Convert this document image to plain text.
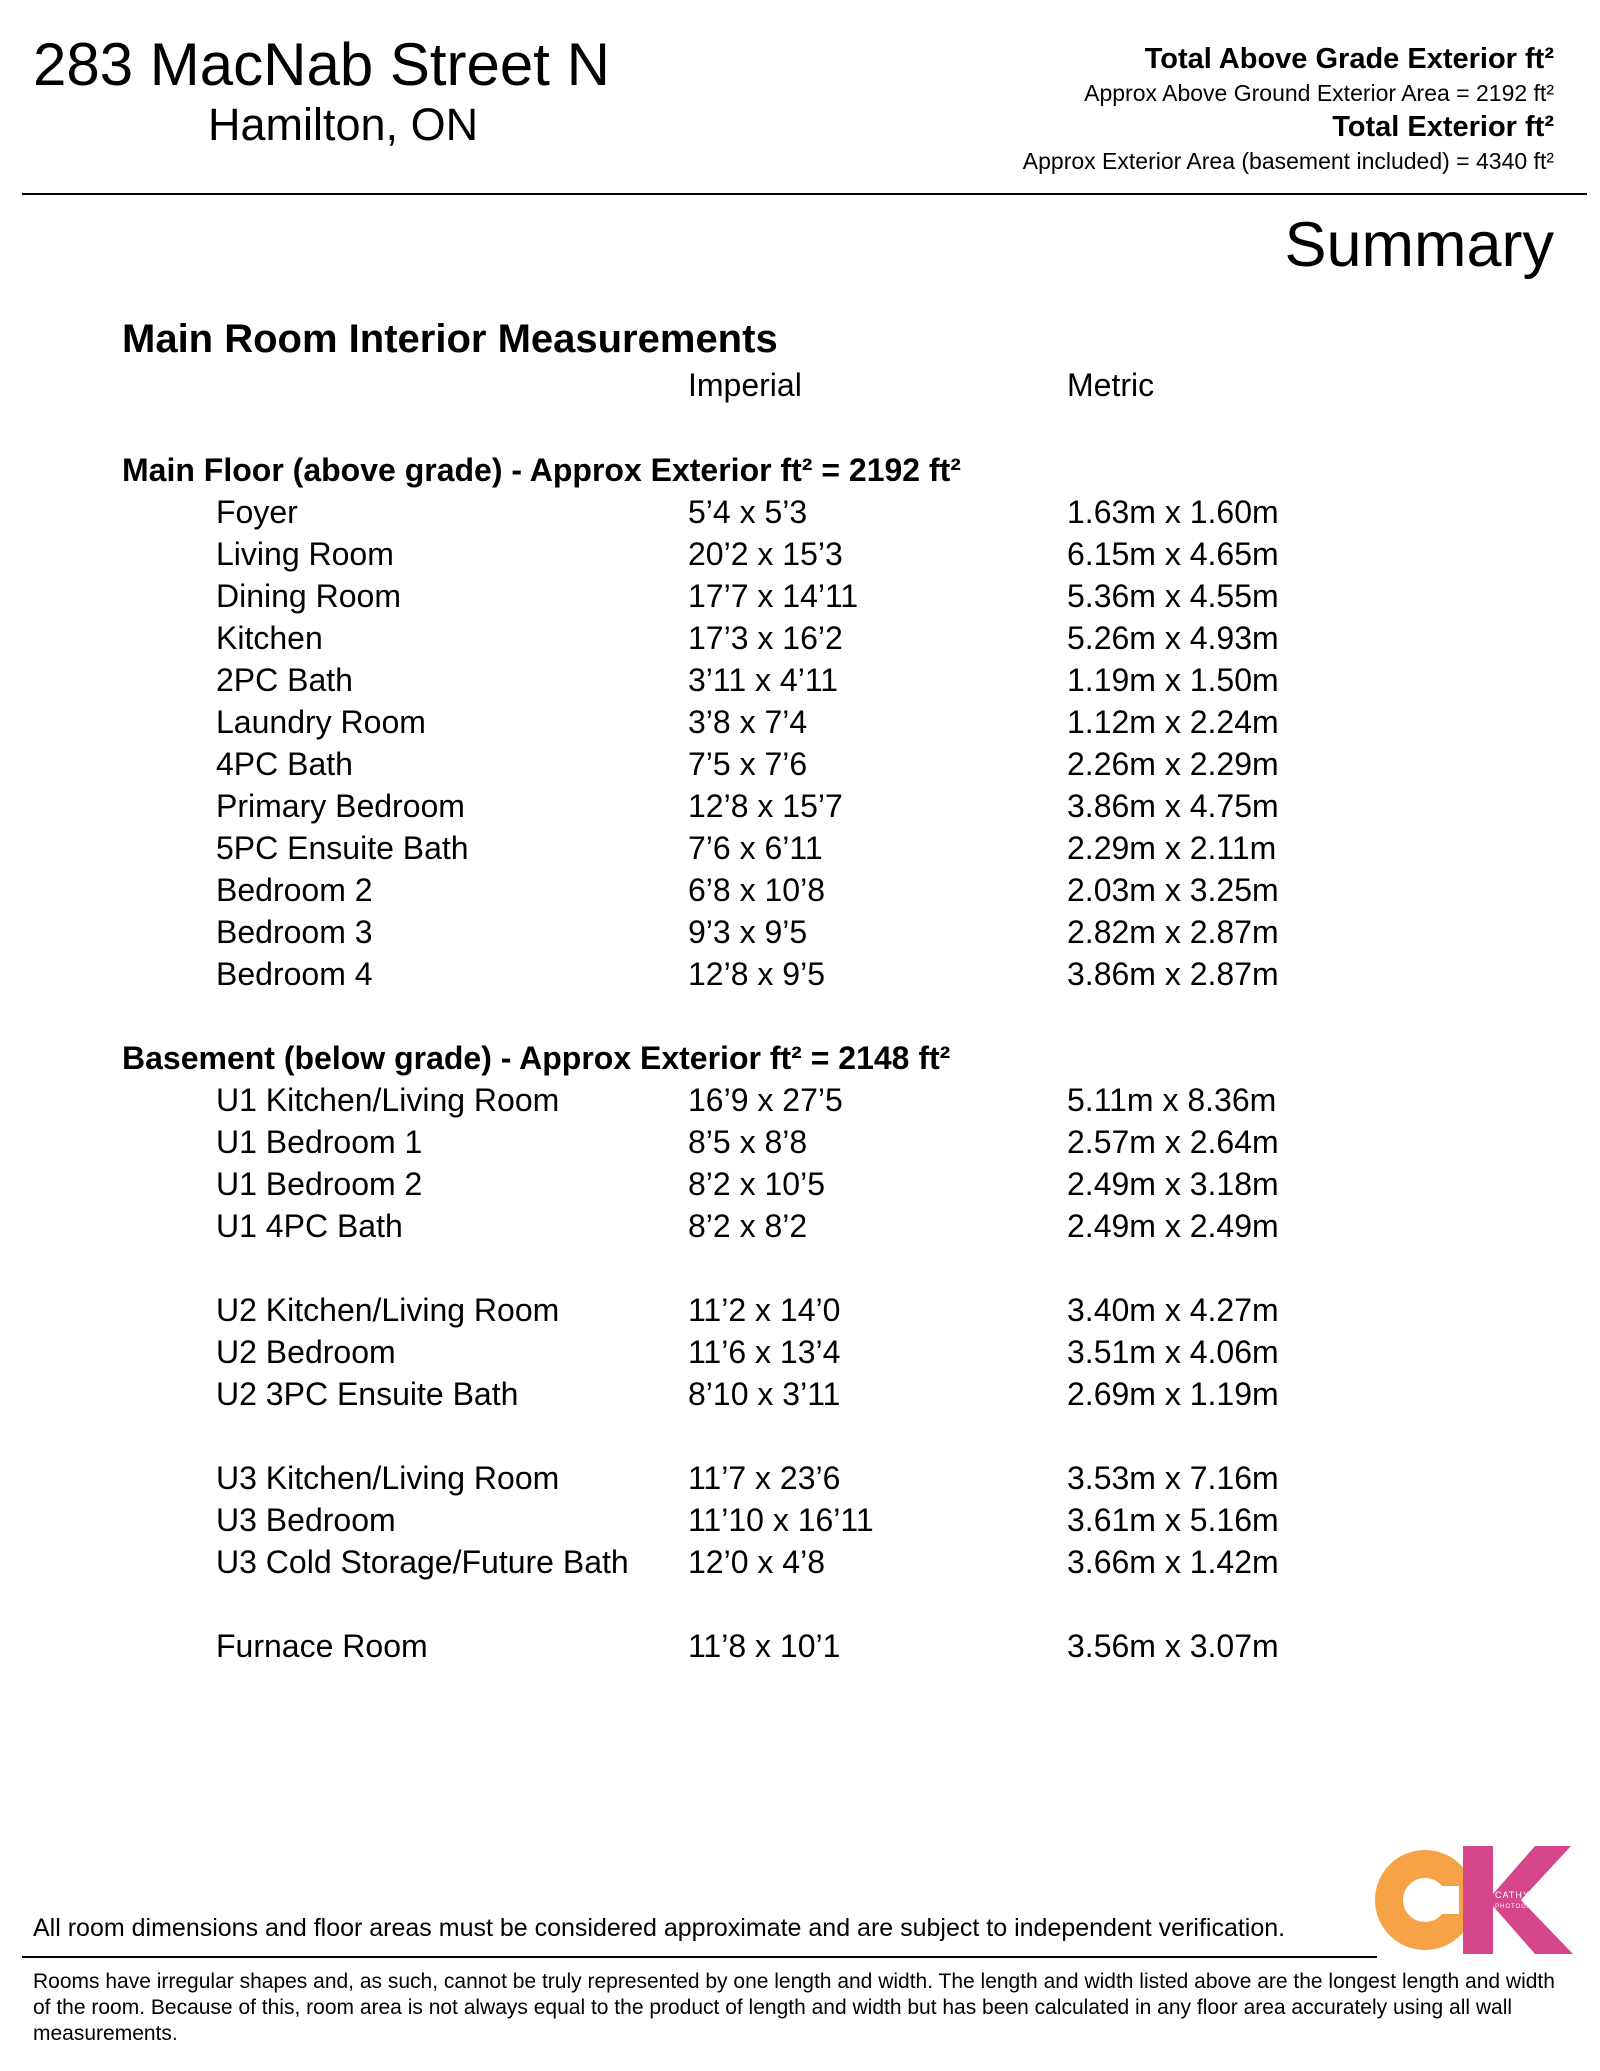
283 MacNab Street N
Hamilton, ON
Total Above Grade Exterior ft²
Approx Above Ground Exterior Area = 2192 ft²
Total Exterior ft²
Approx Exterior Area (basement included) = 4340 ft²
Summary
Main Room Interior Measurements
Imperial	Metric
Main Floor (above grade) - Approx Exterior ft² = 2192 ft²
Foyer	5’4 x 5’3	1.63m x 1.60m
Living Room	20’2 x 15’3	6.15m x 4.65m
Dining Room	17’7 x 14’11	5.36m x 4.55m
Kitchen	17’3 x 16’2	5.26m x 4.93m
2PC Bath	3’11 x 4’11	1.19m x 1.50m
Laundry Room	3’8 x 7’4	1.12m x 2.24m
4PC Bath	7’5 x 7’6	2.26m x 2.29m
Primary Bedroom	12’8 x 15’7	3.86m x 4.75m
5PC Ensuite Bath	7’6 x 6’11	2.29m x 2.11m
Bedroom 2	6’8 x 10’8	2.03m x 3.25m
Bedroom 3	9’3 x 9’5	2.82m x 2.87m
Bedroom 4	12’8 x 9’5	3.86m x 2.87m
Basement (below grade) - Approx Exterior ft² = 2148 ft²
U1 Kitchen/Living Room	16’9 x 27’5	5.11m x 8.36m
U1 Bedroom 1	8’5 x 8’8	2.57m x 2.64m
U1 Bedroom 2	8’2 x 10’5	2.49m x 3.18m
U1 4PC Bath	8’2 x 8’2	2.49m x 2.49m
U2 Kitchen/Living Room	11’2 x 14’0	3.40m x 4.27m
U2 Bedroom	11’6 x 13’4	3.51m x 4.06m
U2 3PC Ensuite Bath	8’10 x 3’11	2.69m x 1.19m
U3 Kitchen/Living Room	11’7 x 23’6	3.53m x 7.16m
U3 Bedroom	11’10 x 16’11	3.61m x 5.16m
U3 Cold Storage/Future Bath 12’0 x 4’8	3.66m x 1.42m
Furnace Room	11’8 x 10’1	3.56m x 3.07m
CATHY KOOP
PHOTOGRAPHY
All room dimensions and floor areas must be considered approximate and are subject to independent verification.
Rooms have irregular shapes and, as such, cannot be truly represented by one length and width. The length and width listed above are the longest length and width of the room. Because of this, room area is not always equal to the product of length and width but has been calculated in any floor area accurately using all wall measurements.
